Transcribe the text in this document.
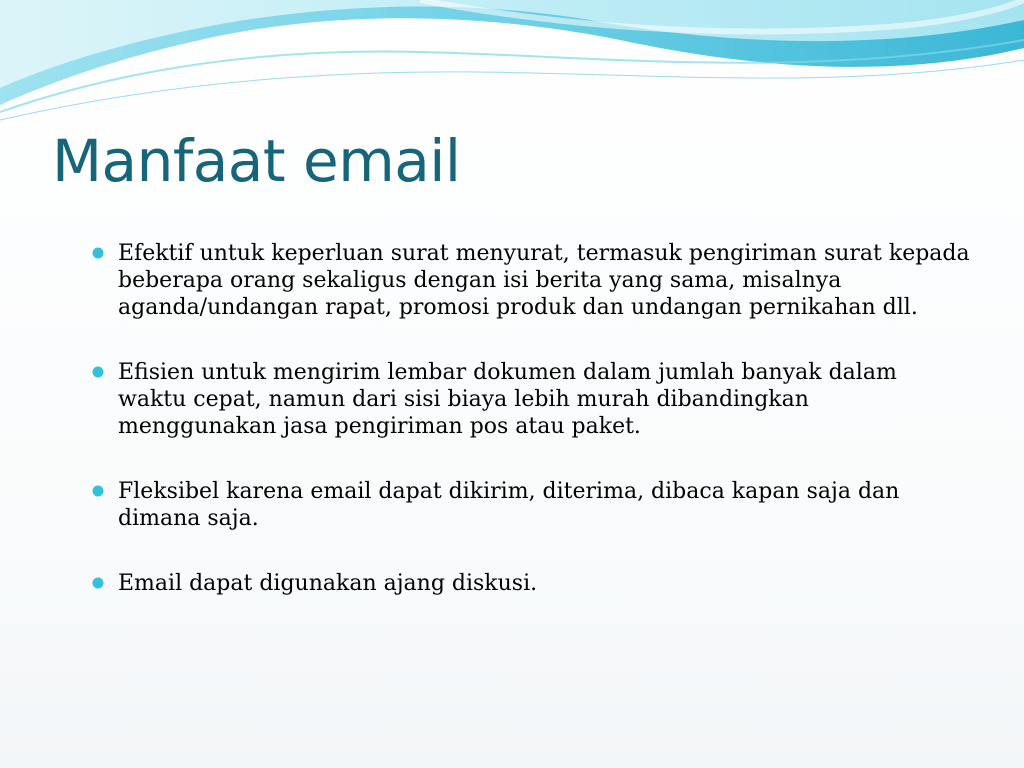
Manfaat email
Efektif untuk keperluan surat menyurat, termasuk pengiriman surat kepada beberapa orang sekaligus dengan isi berita yang sama, misalnya aganda/undangan rapat, promosi produk dan undangan pernikahan dll.
Efisien untuk mengirim lembar dokumen dalam jumlah banyak dalam waktu cepat, namun dari sisi biaya lebih murah dibandingkan menggunakan jasa pengiriman pos atau paket.
Fleksibel karena email dapat dikirim, diterima, dibaca kapan saja dan dimana saja.
Email dapat digunakan ajang diskusi.
